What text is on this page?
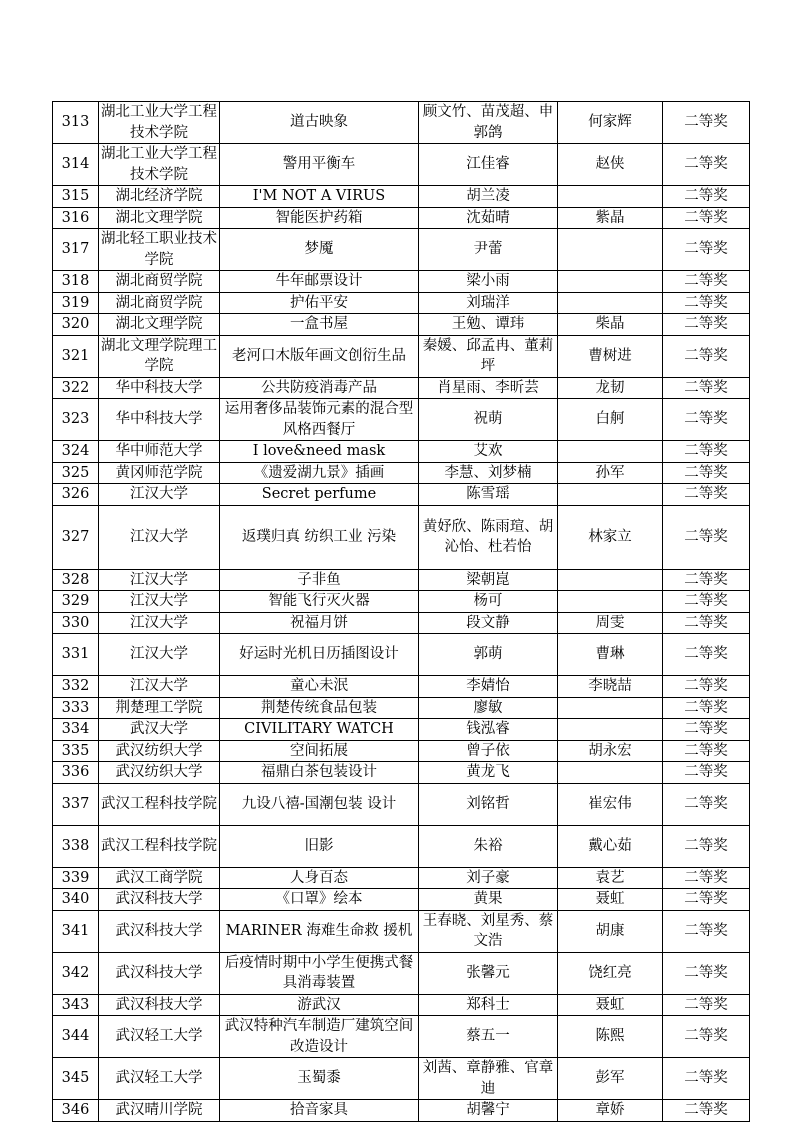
313	湖北工业大学工程技术学院	道古映象	顾文竹、苗茂超、申郭鸽	何家辉	二等奖
314	湖北工业大学工程技术学院	警用平衡车	江佳睿	赵侠	二等奖
315	湖北经济学院	I'M NOT A VIRUS	胡兰凌		二等奖
316	湖北文理学院	智能医护药箱	沈茹晴	紫晶	二等奖
317	湖北轻工职业技术学院	梦魇	尹蕾		二等奖
318	湖北商贸学院	牛年邮票设计	梁小雨		二等奖
319	湖北商贸学院	护佑平安	刘瑞洋		二等奖
320	湖北文理学院	一盒书屋	王勉、谭玮	柴晶	二等奖
321	湖北文理学院理工学院	老河口木版年画文创衍生品	秦媛、邱孟冉、董莉坪	曹树进	二等奖
322	华中科技大学	公共防疫消毒产品	肖星雨、李昕芸	龙韧	二等奖
323	华中科技大学	运用奢侈品装饰元素的混合型风格西餐厅	祝萌	白舸	二等奖
324	华中师范大学	I love&need mask	艾欢		二等奖
325	黄冈师范学院	《遗爱湖九景》插画	李慧、刘梦楠	孙军	二等奖
326	江汉大学	Secret perfume	陈雪瑶		二等奖
327	江汉大学	返璞归真 纺织工业 污染	黄妤欣、陈雨瑄、胡沁怡、杜若怡	林家立	二等奖
328	江汉大学	子非鱼	梁朝崑		二等奖
329	江汉大学	智能飞行灭火器	杨可		二等奖
330	江汉大学	祝福月饼	段文静	周雯	二等奖
331	江汉大学	好运时光机日历插图设计	郭萌	曹琳	二等奖
332	江汉大学	童心未泯	李婧怡	李晓喆	二等奖
333	荆楚理工学院	荆楚传统食品包装	廖敏		二等奖
334	武汉大学	CIVILITARY WATCH	钱泓睿		二等奖
335	武汉纺织大学	空间拓展	曾子依	胡永宏	二等奖
336	武汉纺织大学	福鼎白茶包装设计	黄龙飞		二等奖
337	武汉工程科技学院	九设八禧-国潮包装 设计	刘铭哲	崔宏伟	二等奖
338	武汉工程科技学院	旧影	朱裕	戴心茹	二等奖
339	武汉工商学院	人身百态	刘子豪	袁艺	二等奖
340	武汉科技大学	《口罩》绘本	黄果	聂虹	二等奖
341	武汉科技大学	MARINER 海难生命救 援机	王春晓、刘星秀、蔡文浩	胡康	二等奖
342	武汉科技大学	后疫情时期中小学生便携式餐具消毒装置	张馨元	饶红亮	二等奖
343	武汉科技大学	游武汉	郑科士	聂虹	二等奖
344	武汉轻工大学	武汉特种汽车制造厂建筑空间改造设计	蔡五一	陈熙	二等奖
345	武汉轻工大学	玉蜀黍	刘茜、章静雅、官章迪	彭军	二等奖
346	武汉晴川学院	拾音家具	胡馨宁	章娇	二等奖
